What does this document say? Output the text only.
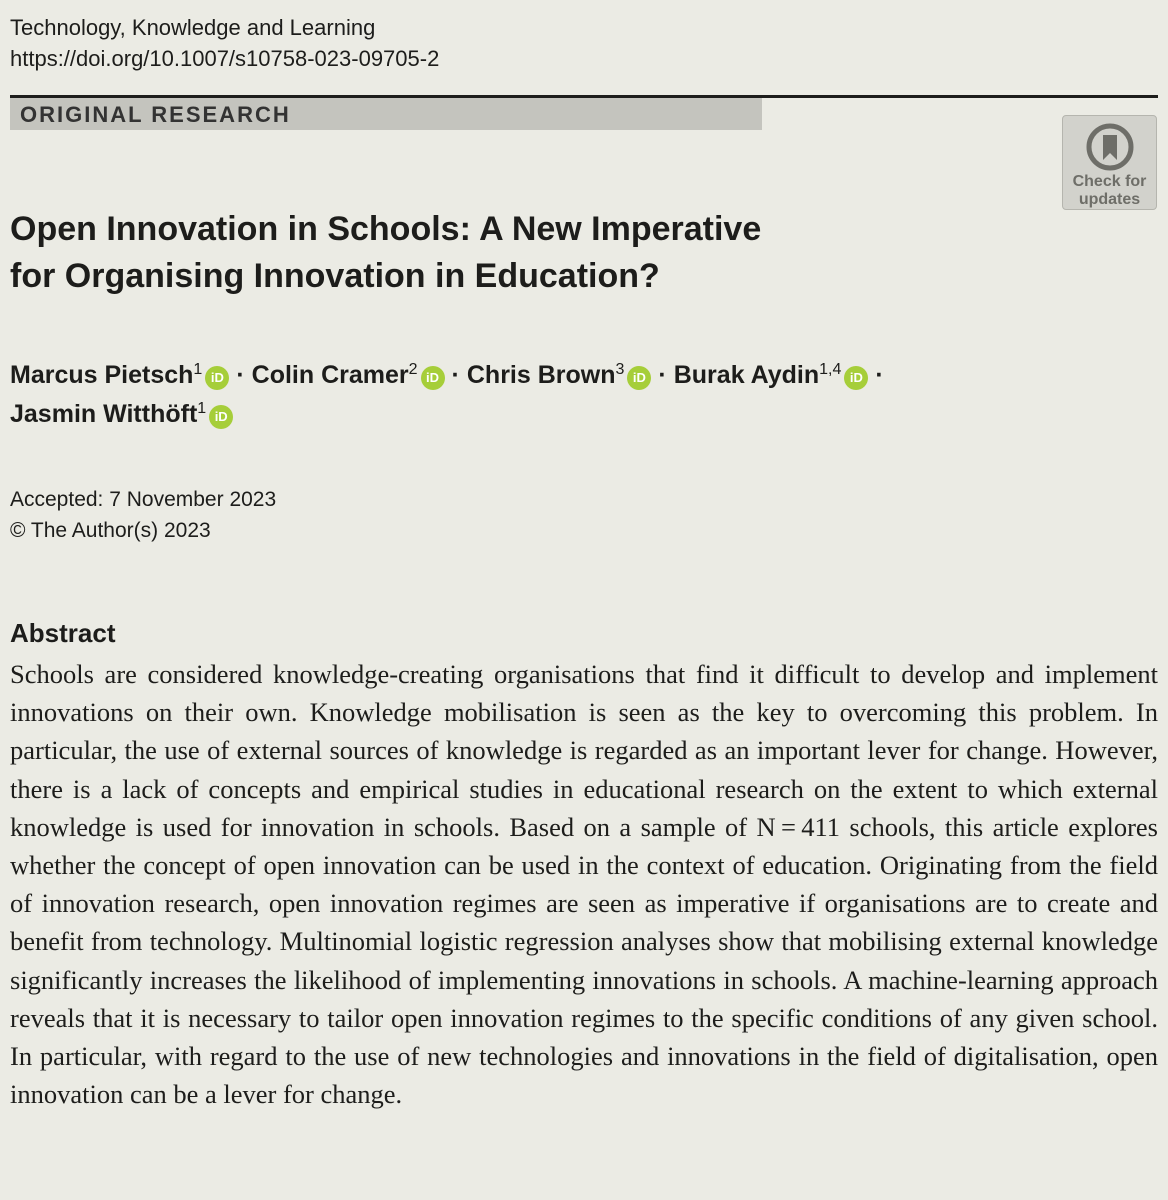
Technology, Knowledge and Learning
https://doi.org/10.1007/s10758-023-09705-2
ORIGINAL RESEARCH
Check for
updates
Open Innovation in Schools: A New Imperative
for Organising Innovation in Education?
Marcus Pietsch$^1$ iD · Colin Cramer$^2$ iD · Chris Brown$^3$ iD · Burak Aydin$^{1,4}$ iD ·
Jasmin Witthöft$^1$ iD
Accepted: 7 November 2023
© The Author(s) 2023
Abstract

Schools are considered knowledge-creating organisations that find it difficult to develop and implement innovations on their own. Knowledge mobilisation is seen as the key to overcoming this problem. In particular, the use of external sources of knowledge is regarded as an important lever for change. However, there is a lack of concepts and empirical studies in educational research on the extent to which external knowledge is used for innovation in schools. Based on a sample of N = 411 schools, this article explores whether the concept of open innovation can be used in the context of education. Originating from the field of innovation research, open innovation regimes are seen as imperative if organisations are to create and benefit from technology. Multinomial logistic regression analyses show that mobilising external knowledge significantly increases the likelihood of implementing innovations in schools. A machine-learning approach reveals that it is necessary to tailor open innovation regimes to the specific conditions of any given school. In particular, with regard to the use of new technologies and innovations in the field of digitalisation, open innovation can be a lever for change.
